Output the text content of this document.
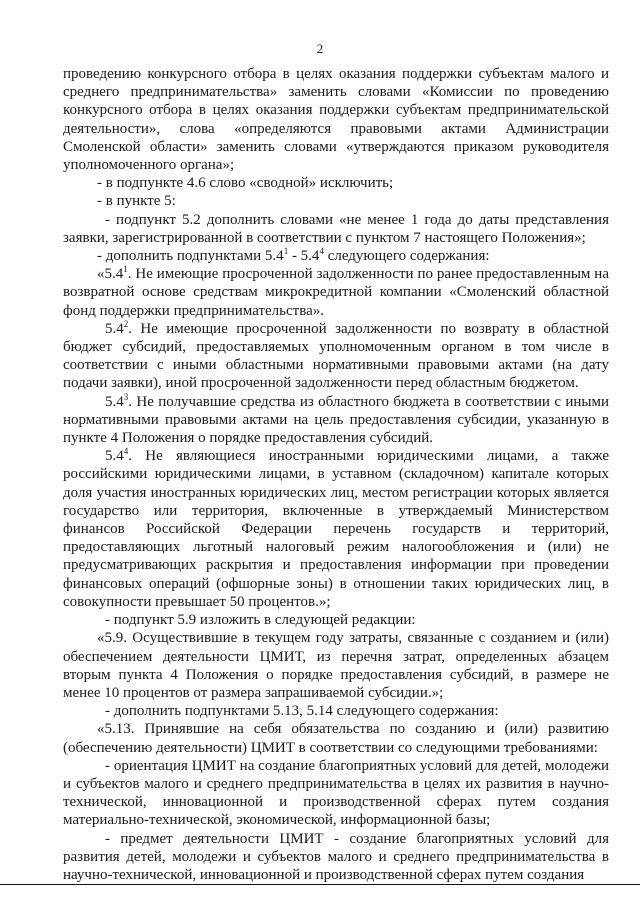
2

проведению конкурсного отбора в целях оказания поддержки субъектам малого и среднего предпринимательства» заменить словами «Комиссии по проведению конкурсного отбора в целях оказания поддержки субъектам предпринимательской деятельности», слова «определяются правовыми актами Администрации Смоленской области» заменить словами «утверждаются приказом руководителя уполномоченного органа»;

- в подпункте 4.6 слово «сводной» исключить;

- в пункте 5:

- подпункт 5.2 дополнить словами «не менее 1 года до даты представления заявки, зарегистрированной в соответствии с пунктом 7 настоящего Положения»;

- дополнить подпунктами $5.4^1 - 5.4^4$ следующего содержания:

«$5.4^1$. Не имеющие просроченной задолженности по ранее предоставленным на возвратной основе средствам микрокредитной компании «Смоленский областной фонд поддержки предпринимательства».

$5.4^2$. Не имеющие просроченной задолженности по возврату в областной бюджет субсидий, предоставляемых уполномоченным органом в том числе в соответствии с иными областными нормативными правовыми актами (на дату подачи заявки), иной просроченной задолженности перед областным бюджетом.

$5.4^3$. Не получавшие средства из областного бюджета в соответствии с иными нормативными правовыми актами на цель предоставления субсидии, указанную в пункте 4 Положения о порядке предоставления субсидий.

$5.4^4$. Не являющиеся иностранными юридическими лицами, а также российскими юридическими лицами, в уставном (складочном) капитале которых доля участия иностранных юридических лиц, местом регистрации которых является государство или территория, включенные в утверждаемый Министерством финансов Российской Федерации перечень государств и территорий, предоставляющих льготный налоговый режим налогообложения и (или) не предусматривающих раскрытия и предоставления информации при проведении финансовых операций (офшорные зоны) в отношении таких юридических лиц, в совокупности превышает 50 процентов.»;

- подпункт 5.9 изложить в следующей редакции:

«5.9. Осуществившие в текущем году затраты, связанные с созданием и (или) обеспечением деятельности ЦМИТ, из перечня затрат, определенных абзацем вторым пункта 4 Положения о порядке предоставления субсидий, в размере не менее 10 процентов от размера запрашиваемой субсидии.»;

- дополнить подпунктами 5.13, 5.14 следующего содержания:

«5.13. Принявшие на себя обязательства по созданию и (или) развитию (обеспечению деятельности) ЦМИТ в соответствии со следующими требованиями:

- ориентация ЦМИТ на создание благоприятных условий для детей, молодежи и субъектов малого и среднего предпринимательства в целях их развития в научно-технической, инновационной и производственной сферах путем создания материально-технической, экономической, информационной базы;

- предмет деятельности ЦМИТ - создание благоприятных условий для развития детей, молодежи и субъектов малого и среднего предпринимательства в научно-технической, инновационной и производственной сферах путем создания
